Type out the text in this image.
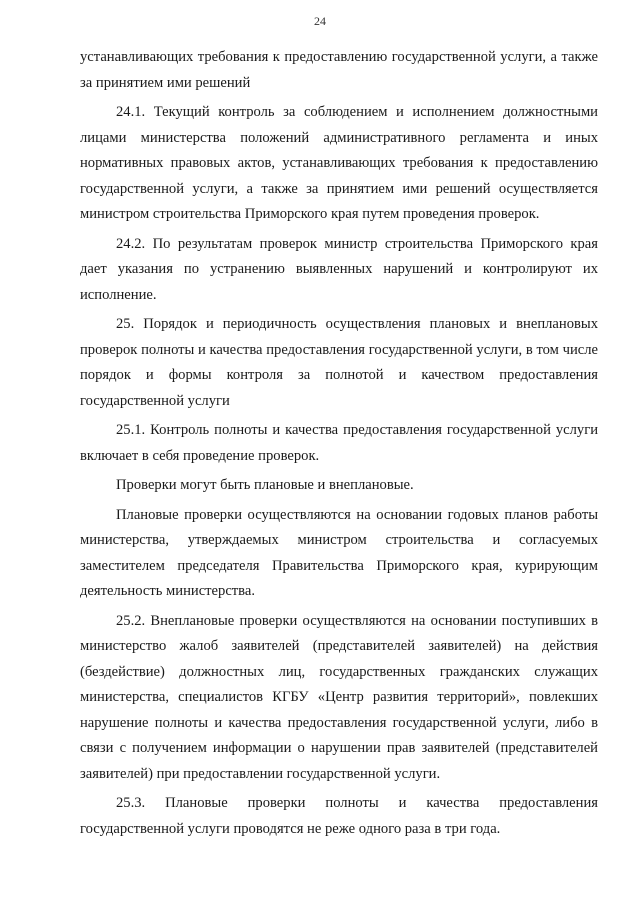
24

устанавливающих требования к предоставлению государственной услуги, а также за принятием ими решений

24.1. Текущий контроль за соблюдением и исполнением должностными лицами министерства положений административного регламента и иных нормативных правовых актов, устанавливающих требования к предоставлению государственной услуги, а также за принятием ими решений осуществляется министром строительства Приморского края путем проведения проверок.

24.2. По результатам проверок министр строительства Приморского края дает указания по устранению выявленных нарушений и контролируют их исполнение.

25. Порядок и периодичность осуществления плановых и внеплановых проверок полноты и качества предоставления государственной услуги, в том числе порядок и формы контроля за полнотой и качеством предоставления государственной услуги

25.1. Контроль полноты и качества предоставления государственной услуги включает в себя проведение проверок.

Проверки могут быть плановые и внеплановые.

Плановые проверки осуществляются на основании годовых планов работы министерства, утверждаемых министром строительства и согласуемых заместителем председателя Правительства Приморского края, курирующим деятельность министерства.

25.2. Внеплановые проверки осуществляются на основании поступивших в министерство жалоб заявителей (представителей заявителей) на действия (бездействие) должностных лиц, государственных гражданских служащих министерства, специалистов КГБУ «Центр развития территорий», повлекших нарушение полноты и качества предоставления государственной услуги, либо в связи с получением информации о нарушении прав заявителей (представителей заявителей) при предоставлении государственной услуги.

25.3. Плановые проверки полноты и качества предоставления государственной услуги проводятся не реже одного раза в три года.
